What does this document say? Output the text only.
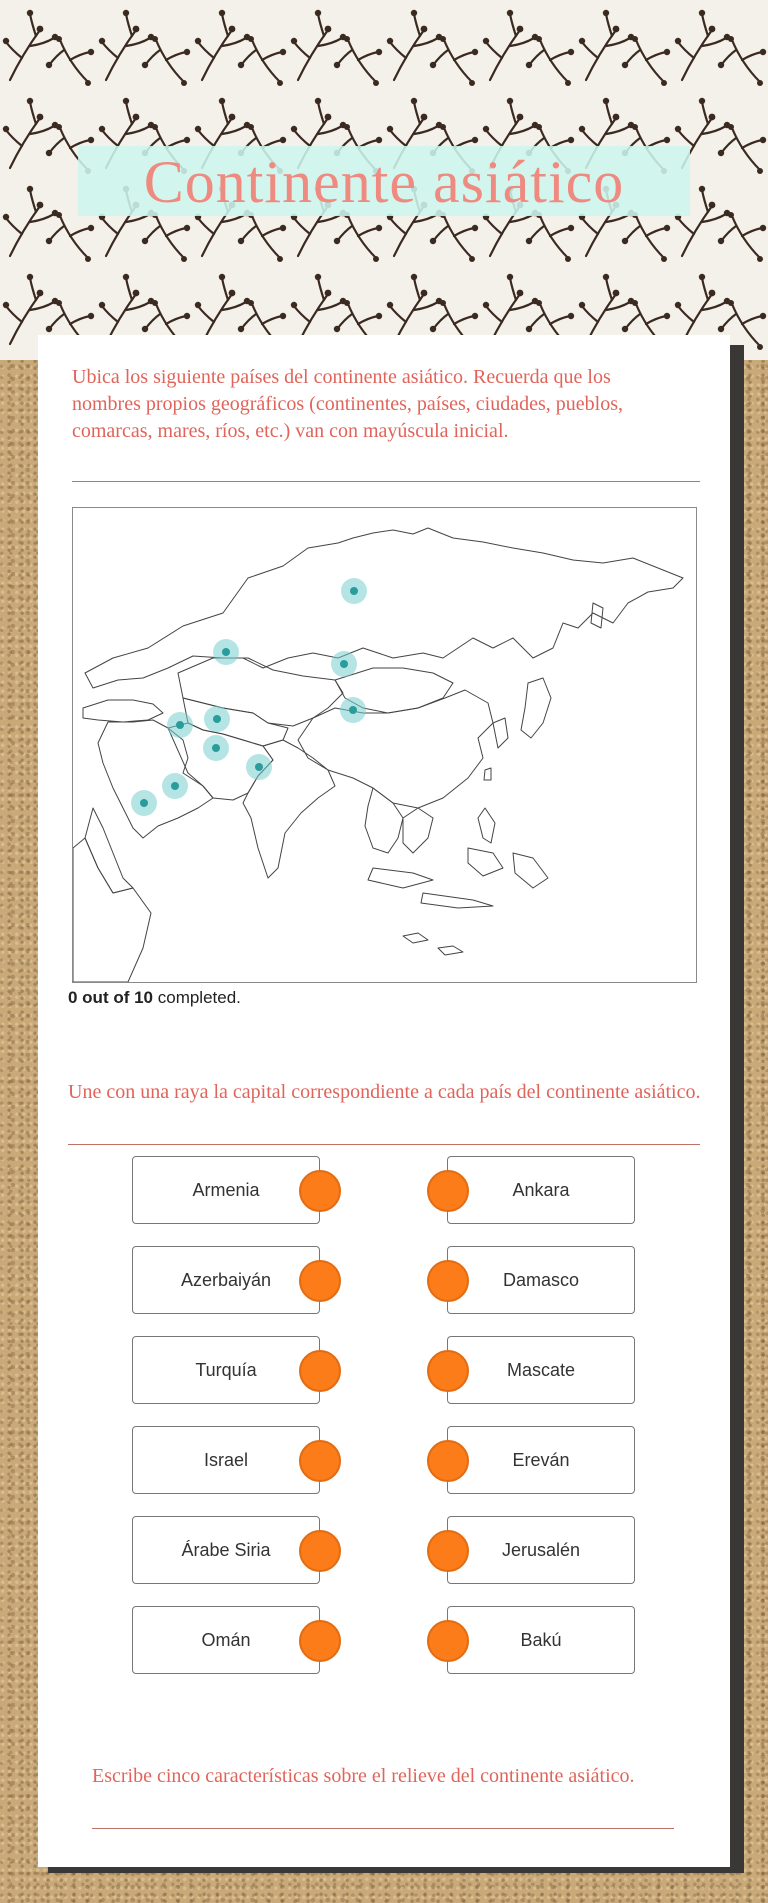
Continente asiático
Ubica los siguiente países del continente asiático. Recuerda que los nombres propios geográficos (continentes, países, ciudades, pueblos, comarcas, mares, ríos, etc.) van con mayúscula inicial.
0 out of 10 completed.
Une con una raya la capital correspondiente a cada país del continente asiático.
Armenia
Azerbaiyán
Turquía
Israel
Árabe Siria
Omán
Ankara
Damasco
Mascate
Ereván
Jerusalén
Bakú
Escribe cinco características sobre el relieve del continente asiático.
